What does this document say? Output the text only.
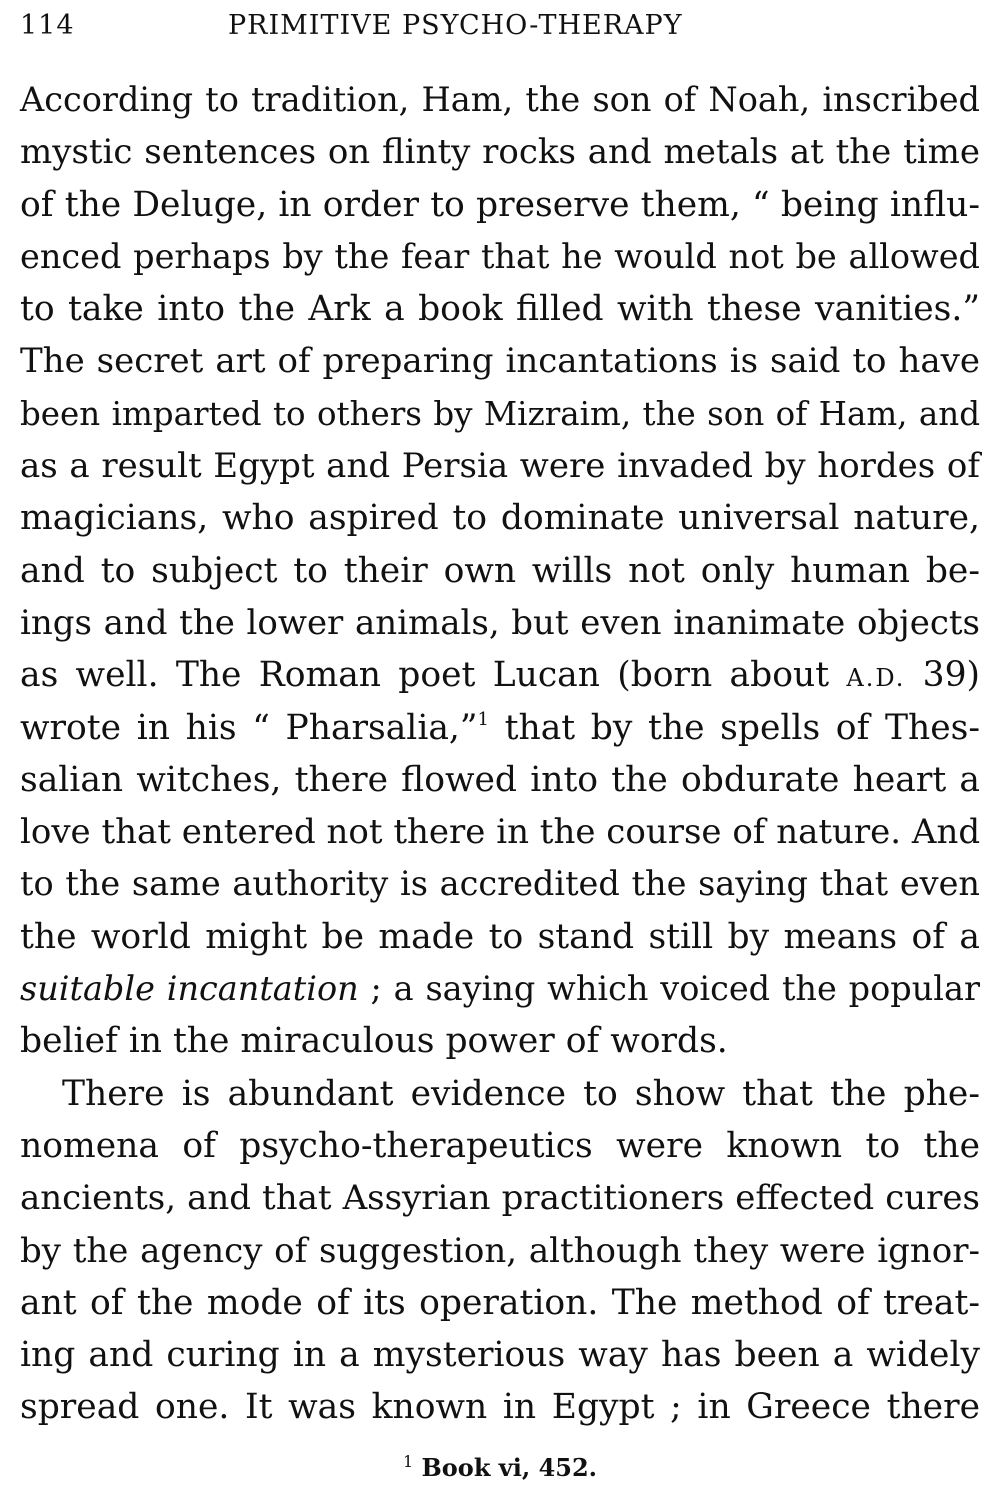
114	PRIMITIVE PSYCHO-THERAPY
According to tradition, Ham, the son of Noah, inscribed
mystic sentences on flinty rocks and metals at the time
of the Deluge, in order to preserve them, “ being influ-
enced perhaps by the fear that he would not be allowed
to take into the Ark a book filled with these vanities.”
The secret art of preparing incantations is said to have
been imparted to others by Mizraim, the son of Ham, and
as a result Egypt and Persia were invaded by hordes of
magicians, who aspired to dominate universal nature,
and to subject to their own wills not only human be-
ings and the lower animals, but even inanimate objects
as well. The Roman poet Lucan (born about A.D. 39)
wrote in his “ Pharsalia,”$^1$ that by the spells of Thes-
salian witches, there flowed into the obdurate heart a
love that entered not there in the course of nature. And
to the same authority is accredited the saying that even
the world might be made to stand still by means of a
suitable incantation ; a saying which voiced the popular
belief in the miraculous power of words.
There is abundant evidence to show that the phe-
nomena of psycho-therapeutics were known to the
ancients, and that Assyrian practitioners effected cures
by the agency of suggestion, although they were ignor-
ant of the mode of its operation. The method of treat-
ing and curing in a mysterious way has been a widely
spread one. It was known in Egypt ; in Greece there
$^1$ Book vi, 452.
